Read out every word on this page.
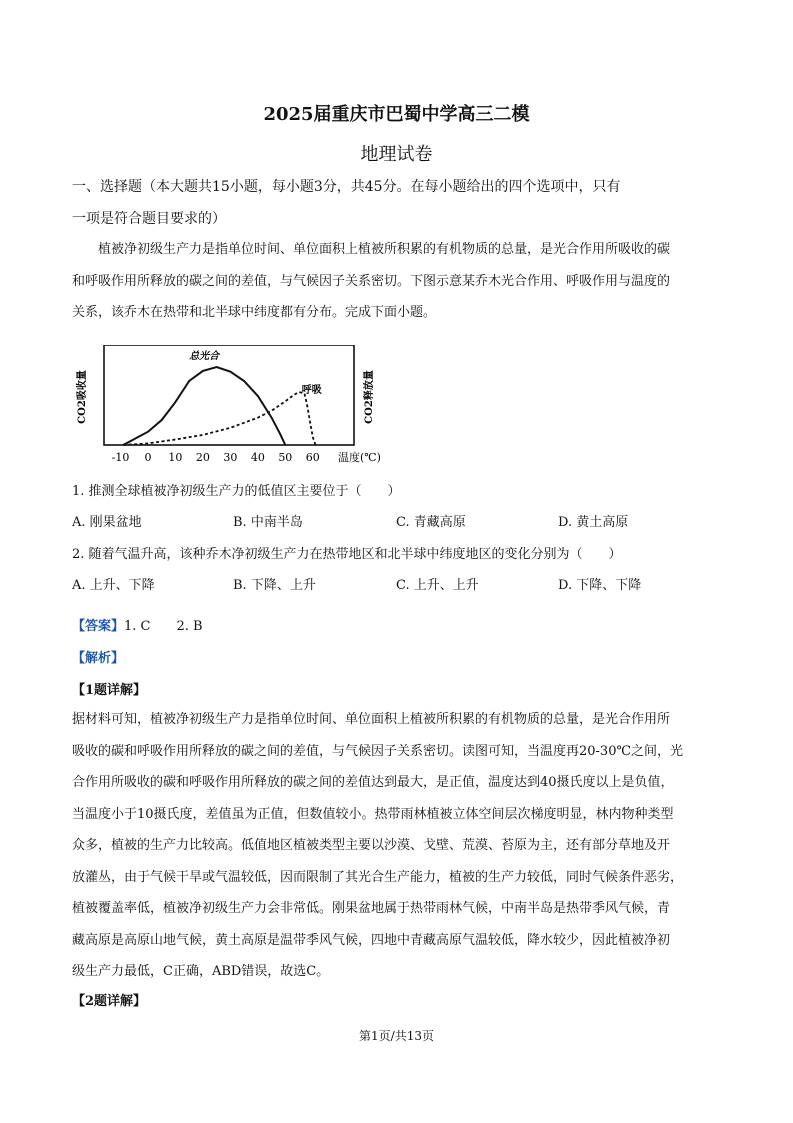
2025届重庆市巴蜀中学高三二模
地理试卷
一、选择题（本大题共15小题，每小题3分，共45分。在每小题给出的四个选项中，只有
一项是符合题目要求的）
植被净初级生产力是指单位时间、单位面积上植被所积累的有机物质的总量，是光合作用所吸收的碳
和呼吸作用所释放的碳之间的差值，与气候因子关系密切。下图示意某乔木光合作用、呼吸作用与温度的
关系，该乔木在热带和北半球中纬度都有分布。完成下面小题。
CO2吸收量	CO2释放量
总光合
呼吸
-10 0 10 20 30 40 50 60 温度(℃)
1. 推测全球植被净初级生产力的低值区主要位于（　　）
A. 刚果盆地	B. 中南半岛	C. 青藏高原	D. 黄土高原
2. 随着气温升高，该种乔木净初级生产力在热带地区和北半球中纬度地区的变化分别为（　　）
A. 上升、下降	B. 下降、上升	C. 上升、上升	D. 下降、下降
【答案】1. C　　2. B
【解析】
【1题详解】
据材料可知，植被净初级生产力是指单位时间、单位面积上植被所积累的有机物质的总量，是光合作用所
吸收的碳和呼吸作用所释放的碳之间的差值，与气候因子关系密切。读图可知，当温度再20-30℃之间，光
合作用所吸收的碳和呼吸作用所释放的碳之间的差值达到最大，是正值，温度达到40摄氏度以上是负值，
当温度小于10摄氏度，差值虽为正值，但数值较小。热带雨林植被立体空间层次梯度明显，林内物种类型
众多，植被的生产力比较高。低值地区植被类型主要以沙漠、戈壁、荒漠、苔原为主，还有部分草地及开
放灌丛，由于气候干旱或气温较低，因而限制了其光合生产能力，植被的生产力较低，同时气候条件恶劣，
植被覆盖率低，植被净初级生产力会非常低。刚果盆地属于热带雨林气候，中南半岛是热带季风气候，青
藏高原是高原山地气候，黄土高原是温带季风气候，四地中青藏高原气温较低，降水较少，因此植被净初
级生产力最低，C正确，ABD错误，故选C。
【2题详解】
第1页/共13页
